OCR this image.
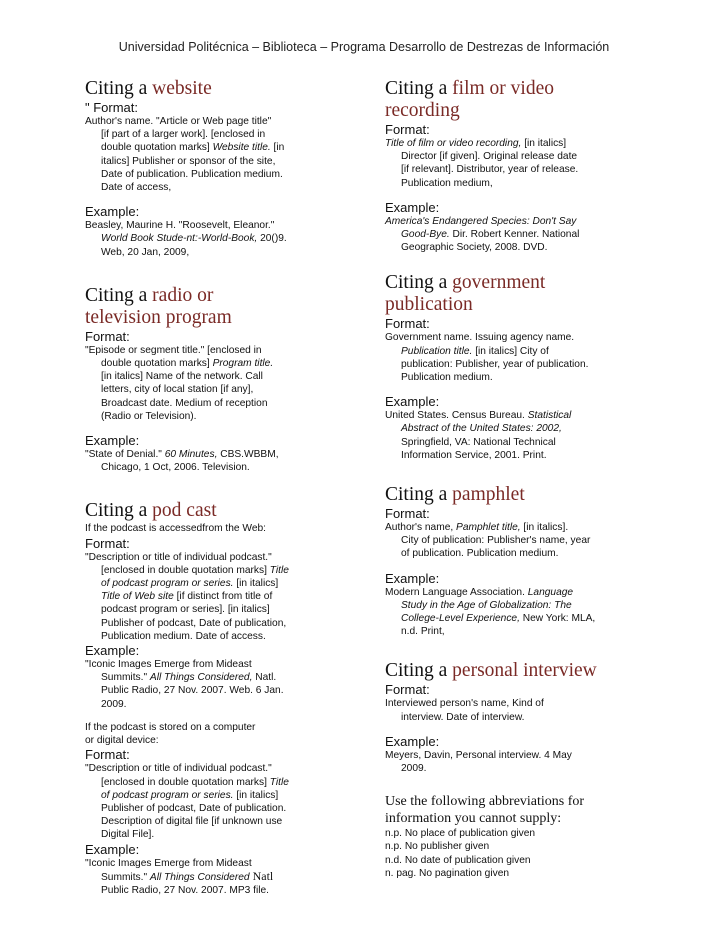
Universidad Politécnica – Biblioteca – Programa Desarrollo de Destrezas de Información

Citing a website

" Format:

Author's name. "Article or Web page title"
[if part of a larger work]. [enclosed in
double quotation marks] Website title. [in
italics] Publisher or sponsor of the site,
Date of publication. Publication medium.
Date of access,

Example:

Beasley, Maurine H. "Roosevelt, Eleanor."
World Book Stude-nt:-World-Book, 20()9.
Web, 20 Jan, 2009,

Citing a radio or
television program

Format:

"Episode or segment title." [enclosed in
double quotation marks] Program title.
[in italics] Name of the network. Call
letters, city of local station [if any],
Broadcast date. Medium of reception
(Radio or Television).

Example:

"State of Denial." 60 Minutes, CBS.WBBM,
Chicago, 1 Oct, 2006. Television.

Citing a pod cast

If the podcast is accessedfrom the Web:

Format:

"Description or title of individual podcast."
[enclosed in double quotation marks] Title
of podcast program or series. [in italics]
Title of Web site [if distinct from title of
podcast program or series]. [in italics]
Publisher of podcast, Date of publication,
Publication medium. Date of access.

Example:

"Iconic Images Emerge from Mideast
Summits." All Things Considered, Natl.
Public Radio, 27 Nov. 2007. Web. 6 Jan.
2009.

If the podcast is stored on a computer
or digital device:

Format:

"Description or title of individual podcast."
[enclosed in double quotation marks] Title
of podcast program or series. [in italics]
Publisher of podcast, Date of publication.
Description of digital file [if unknown use
Digital File].

Example:

"Iconic Images Emerge from Mideast
Summits." All Things Considered Natl
Public Radio, 27 Nov. 2007. MP3 file.

Citing a film or video
recording

Format:

Title of film or video recording, [in italics]
Director [if given]. Original release date
[if relevant]. Distributor, year of release.
Publication medium,

Example:

America's Endangered Species: Don't Say
Good-Bye. Dir. Robert Kenner. National
Geographic Society, 2008. DVD.

Citing a government
publication

Format:

Government name. Issuing agency name.
Publication title. [in italics] City of
publication: Publisher, year of publication.
Publication medium.

Example:

United States. Census Bureau. Statistical
Abstract of the United States: 2002,
Springfield, VA: National Technical
Information Service, 2001. Print.

Citing a pamphlet

Format:

Author's name, Pamphlet title, [in italics].
City of publication: Publisher's name, year
of publication. Publication medium.

Example:

Modern Language Association. Language
Study in the Age of Globalization: The
College-Level Experience, New York: MLA,
n.d. Print,

Citing a personal interview

Format:

Interviewed person's name, Kind of
interview. Date of interview.

Example:

Meyers, Davin, Personal interview. 4 May
2009.

Use the following abbreviations for
information you cannot supply:

n.p. No place of publication given

n.p. No publisher given

n.d. No date of publication given

n. pag. No pagination given
